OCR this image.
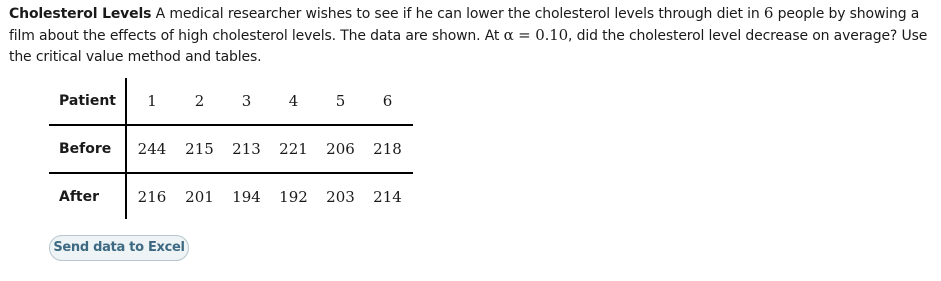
Cholesterol Levels A medical researcher wishes to see if he can lower the cholesterol levels through diet in 6 people by showing a film about the effects of high cholesterol levels. The data are shown. At α = 0.10, did the cholesterol level decrease on average? Use the critical value method and tables.
Patient	1	2	3	4	5	6
Before	244	215	213	221	206	218
After	216	201	194	192	203	214
Send data to Excel
